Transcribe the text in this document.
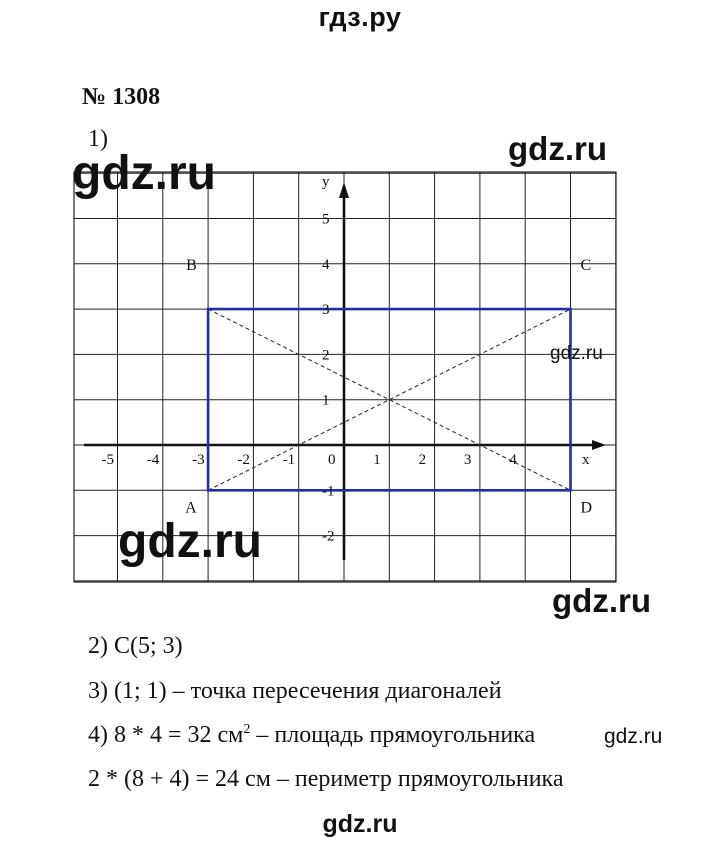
гдз.ру
№ 1308
1)
-5 -4 -3 -2 -1 0	1	2	3	4
5
4
3
2
1
-1
-2
x
y
A
B	C
D
gdz.ru	gdz.ru
gdz.ru
gdz.ru
gdz.ru
gdz.ru
2) C(5; 3)
3) (1; 1) – точка пересечения диагоналей
4) 8 * 4 = 32 $см^2$ – площадь прямоугольника
2 * (8 + 4) = 24 см – периметр прямоугольника
gdz.ru
